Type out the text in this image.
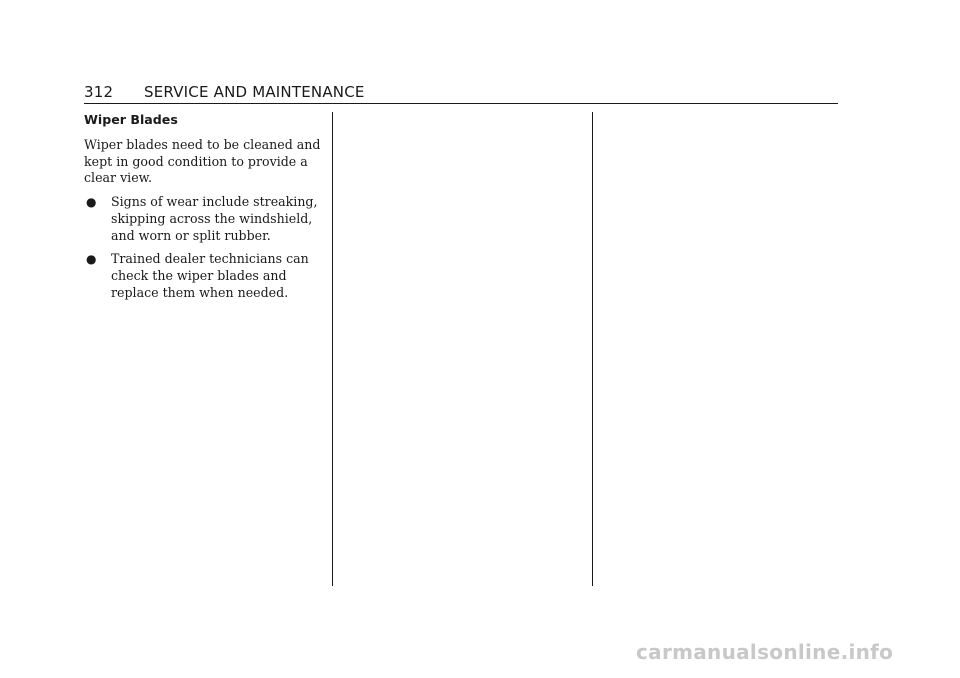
312 SERVICE AND MAINTENANCE
Wiper Blades

Wiper blades need to be cleaned and kept in good condition to provide a clear view.

● Signs of wear include streaking, skipping across the windshield, and worn or split rubber.
● Trained dealer technicians can check the wiper blades and replace them when needed.
carmanualsonline.info
